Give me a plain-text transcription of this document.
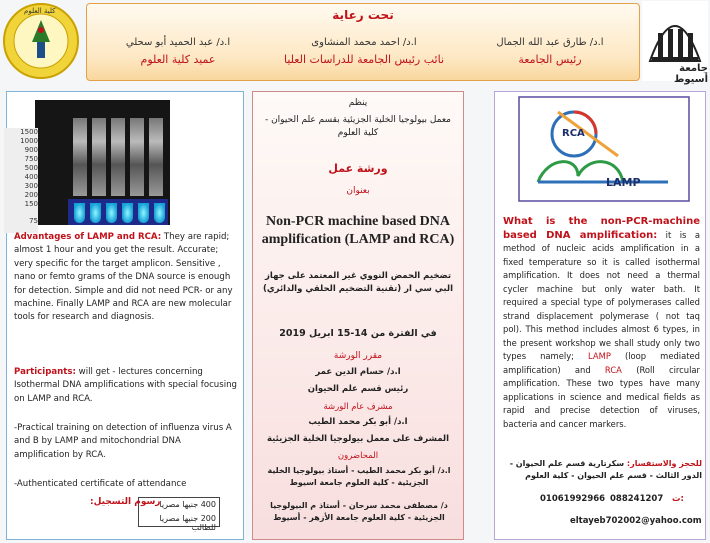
كلية العلوم	تحت رعاية
ا.د/ طارق عبد الله الجمال
رئيس الجامعة
ا.د/ احمد محمد المنشاوى
نائب رئيس الجامعة للدراسات العليا
ا.د/ عبد الحميد أبو سحلي
عميد كلية العلوم
جامعة أسيوط
1500
1000
900
750
500
400
300
200
150
75
Advantages of LAMP and RCA: They are rapid; almost 1 hour and you get the result. Accurate; very specific for the target amplicon. Sensitive , nano or femto grams of the DNA source is enough for detection. Simple and did not need PCR- or any machine. Finally LAMP and RCA are new molecular tools for research and diagnosis.
Participants: will get - lectures concerning Isothermal DNA amplifications with special focusing on LAMP and RCA.
-Practical training on detection of influenza virus A and B by LAMP and mitochondrial DNA amplification by RCA.
-Authenticated certificate of attendance
400 جنيها مصريا
200 جنيها مصريا للطالب
رسوم التسجيل:
ينظم
معمل بيولوجيا الخلية الجزيئية بقسم علم الحيوان - كلية العلوم
ورشة عمل
بعنوان
Non-PCR machine based DNA amplification (LAMP and RCA)
تضخيم الحمض النووي غير المعتمد على جهاز البي سي ار (تقنية التضخيم الحلقي والدائري)
في الفترة من 14-15 ابريل 2019
مقرر الورشة
ا.د/ حسام الدين عمر
رئيس قسم علم الحيوان
مشرف عام الورشة
ا.د/ أبو بكر محمد الطيب
المشرف على معمل بيولوجيا الخلية الجزيئية
المحاضرون
ا.د/ أبو بكر محمد الطيب - أستاذ بيولوجيا الخلية الجزيئية - كلية العلوم جامعة اسيوط
د/ مصطفى محمد سرحان - أستاذ م البيولوجيا الجزيئية - كلية العلوم جامعة الأزهر - أسيوط
RCA
LAMP
What is the non-PCR-machine based DNA amplification: it is a method of nucleic acids amplification in a fixed temperature so it is called isothermal amplification. It does not need a thermal cycler machine but only water bath. It required a special type of polymerases called strand displacement polymerase ( not taq pol). This method includes almost 6 types, in the present workshop we shall study only two types namely; LAMP (loop mediated amplification) and RCA (Roll circular amplification. These two types have many applications in science and medical fields as rapid and precise detection of viruses, bacteria and cancer markers.
للحجز والاستفسار: سكرتارية قسم علم الحيوان - الدور الثالث - قسم علم الحيوان - كلية العلوم
01061992966 088241207 ت:
eltayeb702002@yahoo.com
